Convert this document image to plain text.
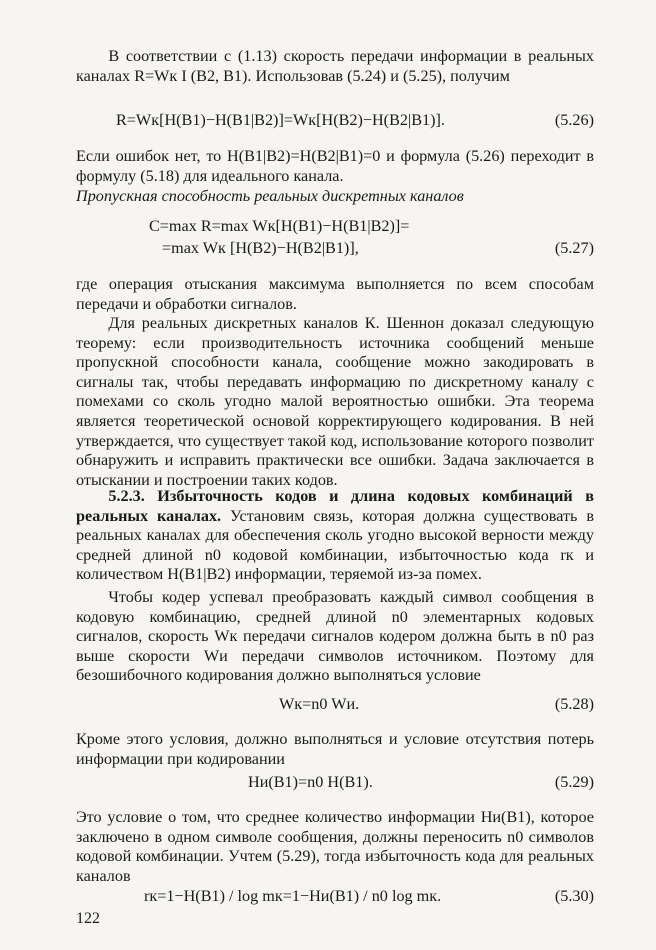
В соответствии с (1.13) скорость передачи информации в реальных каналах R=Wк I (B2, B1). Использовав (5.24) и (5.25), получим

R=Wк[H(B1)−H(B1|B2)]=Wк[H(B2)−H(B2|B1)].	(5.26)

Если ошибок нет, то H(B1|B2)=H(B2|B1)=0 и формула (5.26) переходит в формулу (5.18) для идеального канала.

Пропускная способность реальных дискретных каналов

C=max R=max Wк[H(B1)−H(B1|B2)]=
=max Wк [H(B2)−H(B2|B1)],	(5.27)

где операция отыскания максимума выполняется по всем способам передачи и обработки сигналов.

Для реальных дискретных каналов К. Шеннон доказал следующую теорему: если производительность источника сообщений меньше пропускной способности канала, сообщение можно закодировать в сигналы так, чтобы передавать информацию по дискретному каналу с помехами со сколь угодно малой вероятностью ошибки. Эта теорема является теоретической основой корректирующего кодирования. В ней утверждается, что существует такой код, использование которого позволит обнаружить и исправить практически все ошибки. Задача заключается в отыскании и построении таких кодов.

5.2.3. Избыточность кодов и длина кодовых комбинаций в реальных каналах. Установим связь, которая должна существовать в реальных каналах для обеспечения сколь угодно высокой верности между средней длиной n0 кодовой комбинации, избыточностью кода rк и количеством H(B1|B2) информации, теряемой из-за помех.

Чтобы кодер успевал преобразовать каждый символ сообщения в кодовую комбинацию, средней длиной n0 элементарных кодовых сигналов, скорость Wк передачи сигналов кодером должна быть в n0 раз выше скорости Wи передачи символов источником. Поэтому для безошибочного кодирования должно выполняться условие

Wк=n0 Wи.	(5.28)

Кроме этого условия, должно выполняться и условие отсутствия потерь информации при кодировании

Hи(B1)=n0 H(B1).	(5.29)

Это условие о том, что среднее количество информации Hи(B1), которое заключено в одном символе сообщения, должны переносить n0 символов кодовой комбинации. Учтем (5.29), тогда избыточность кода для реальных каналов

rк=1−H(B1) / log mк=1−Hи(B1) / n0 log mк.	(5.30)
122
